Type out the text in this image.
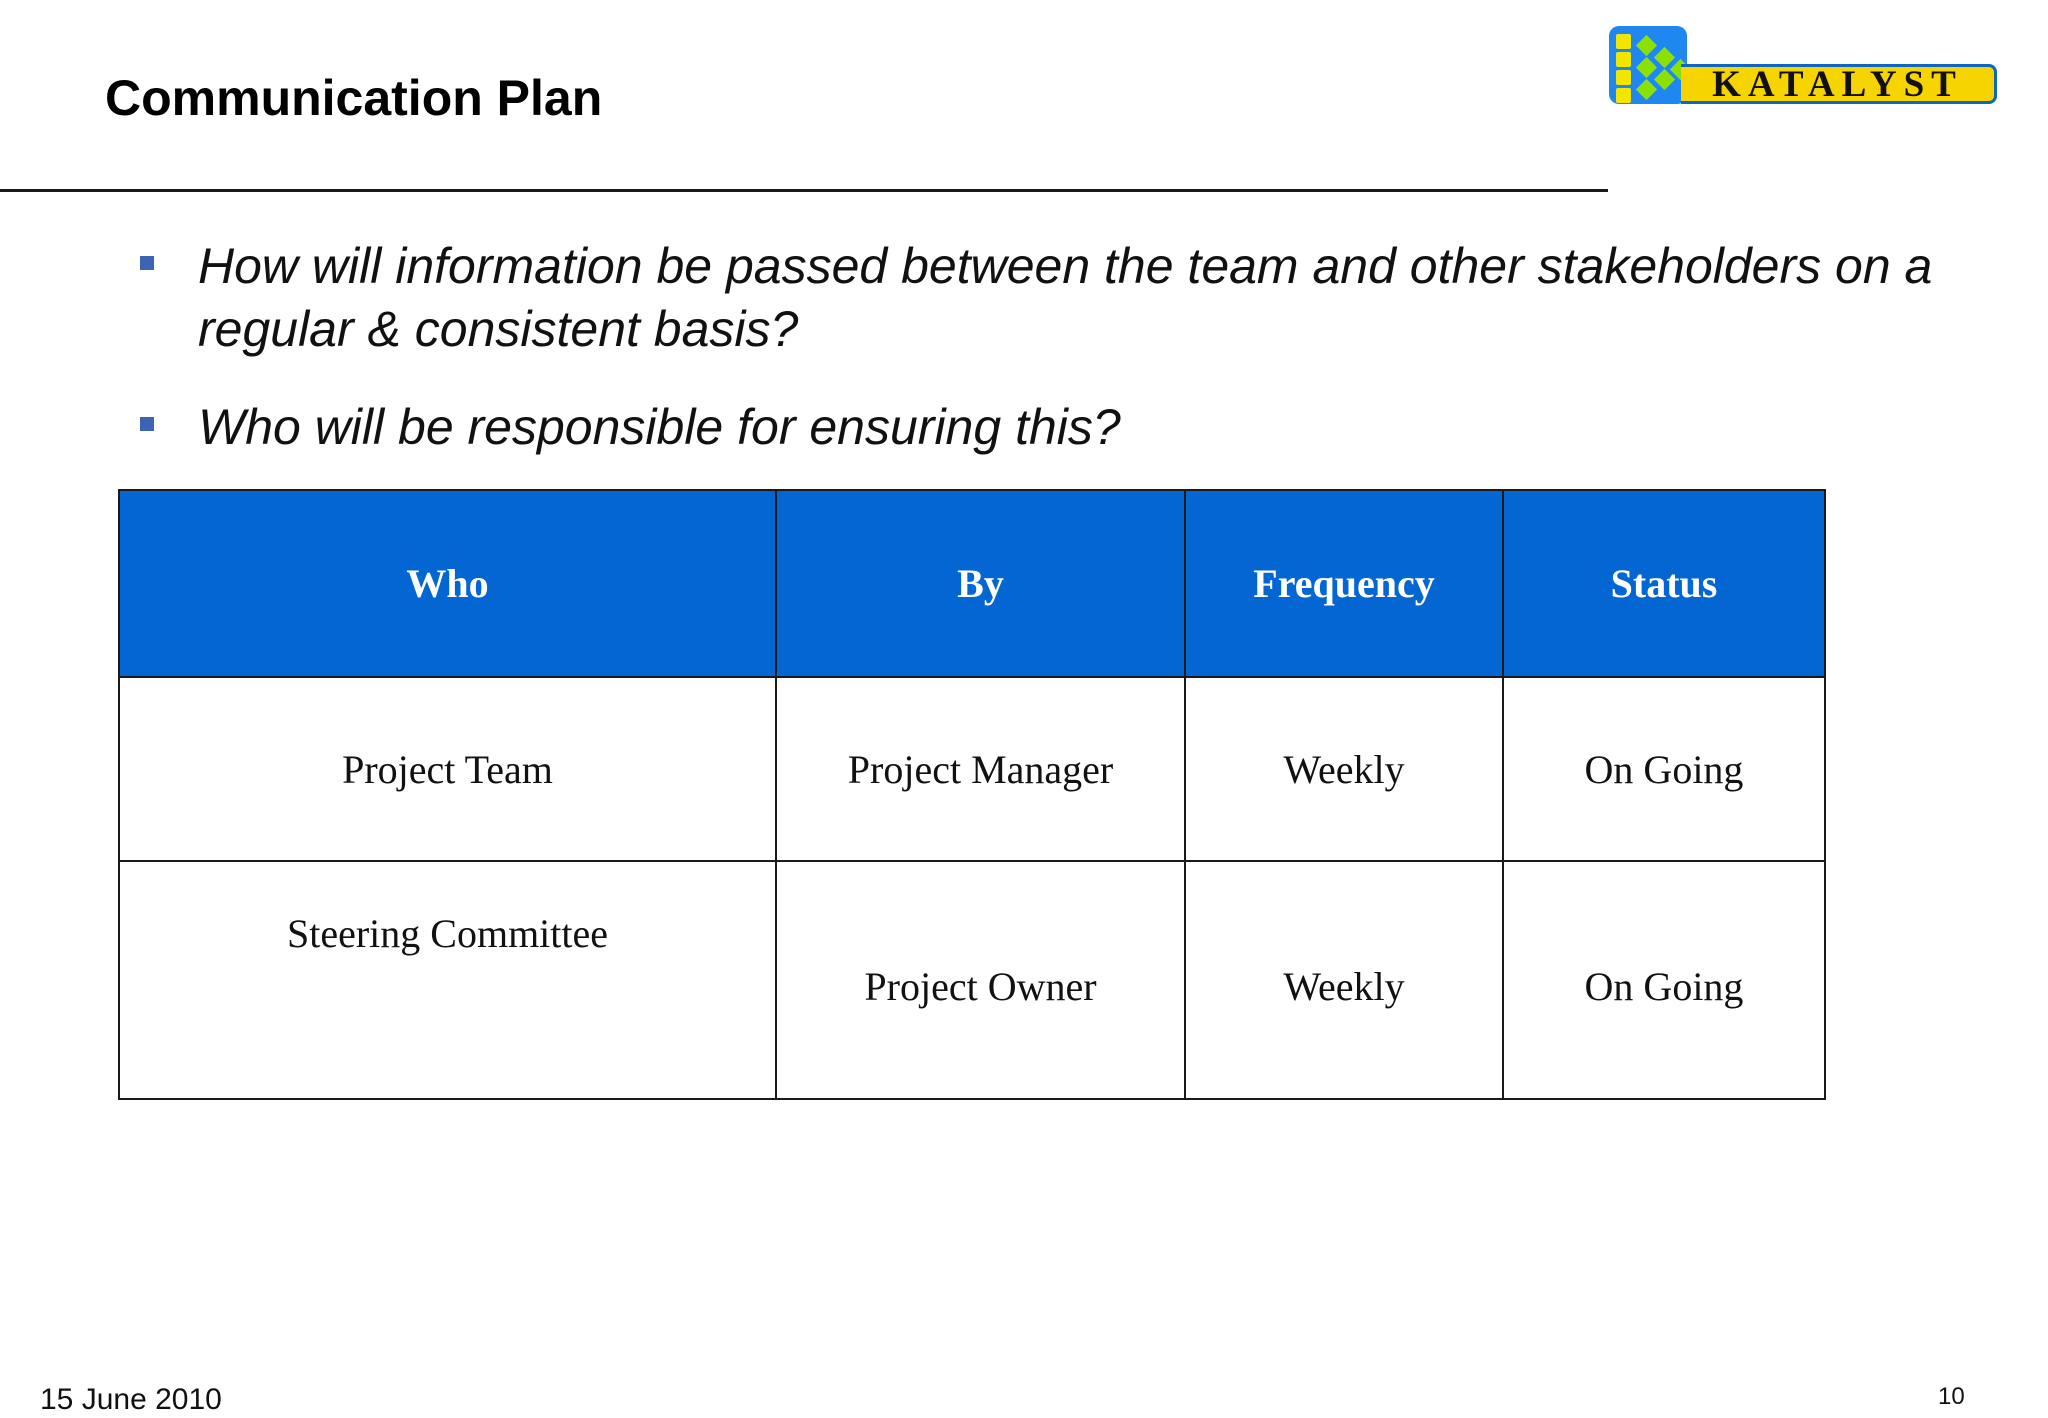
Communication Plan	KATALYST
How will information be passed between the team and other stakeholders on a regular & consistent basis?
Who will be responsible for ensuring this?
Who	By	Frequency	Status
Project Team	Project Manager	Weekly	On Going
Steering Committee	Project Owner	Weekly	On Going
15 June 2010	10
